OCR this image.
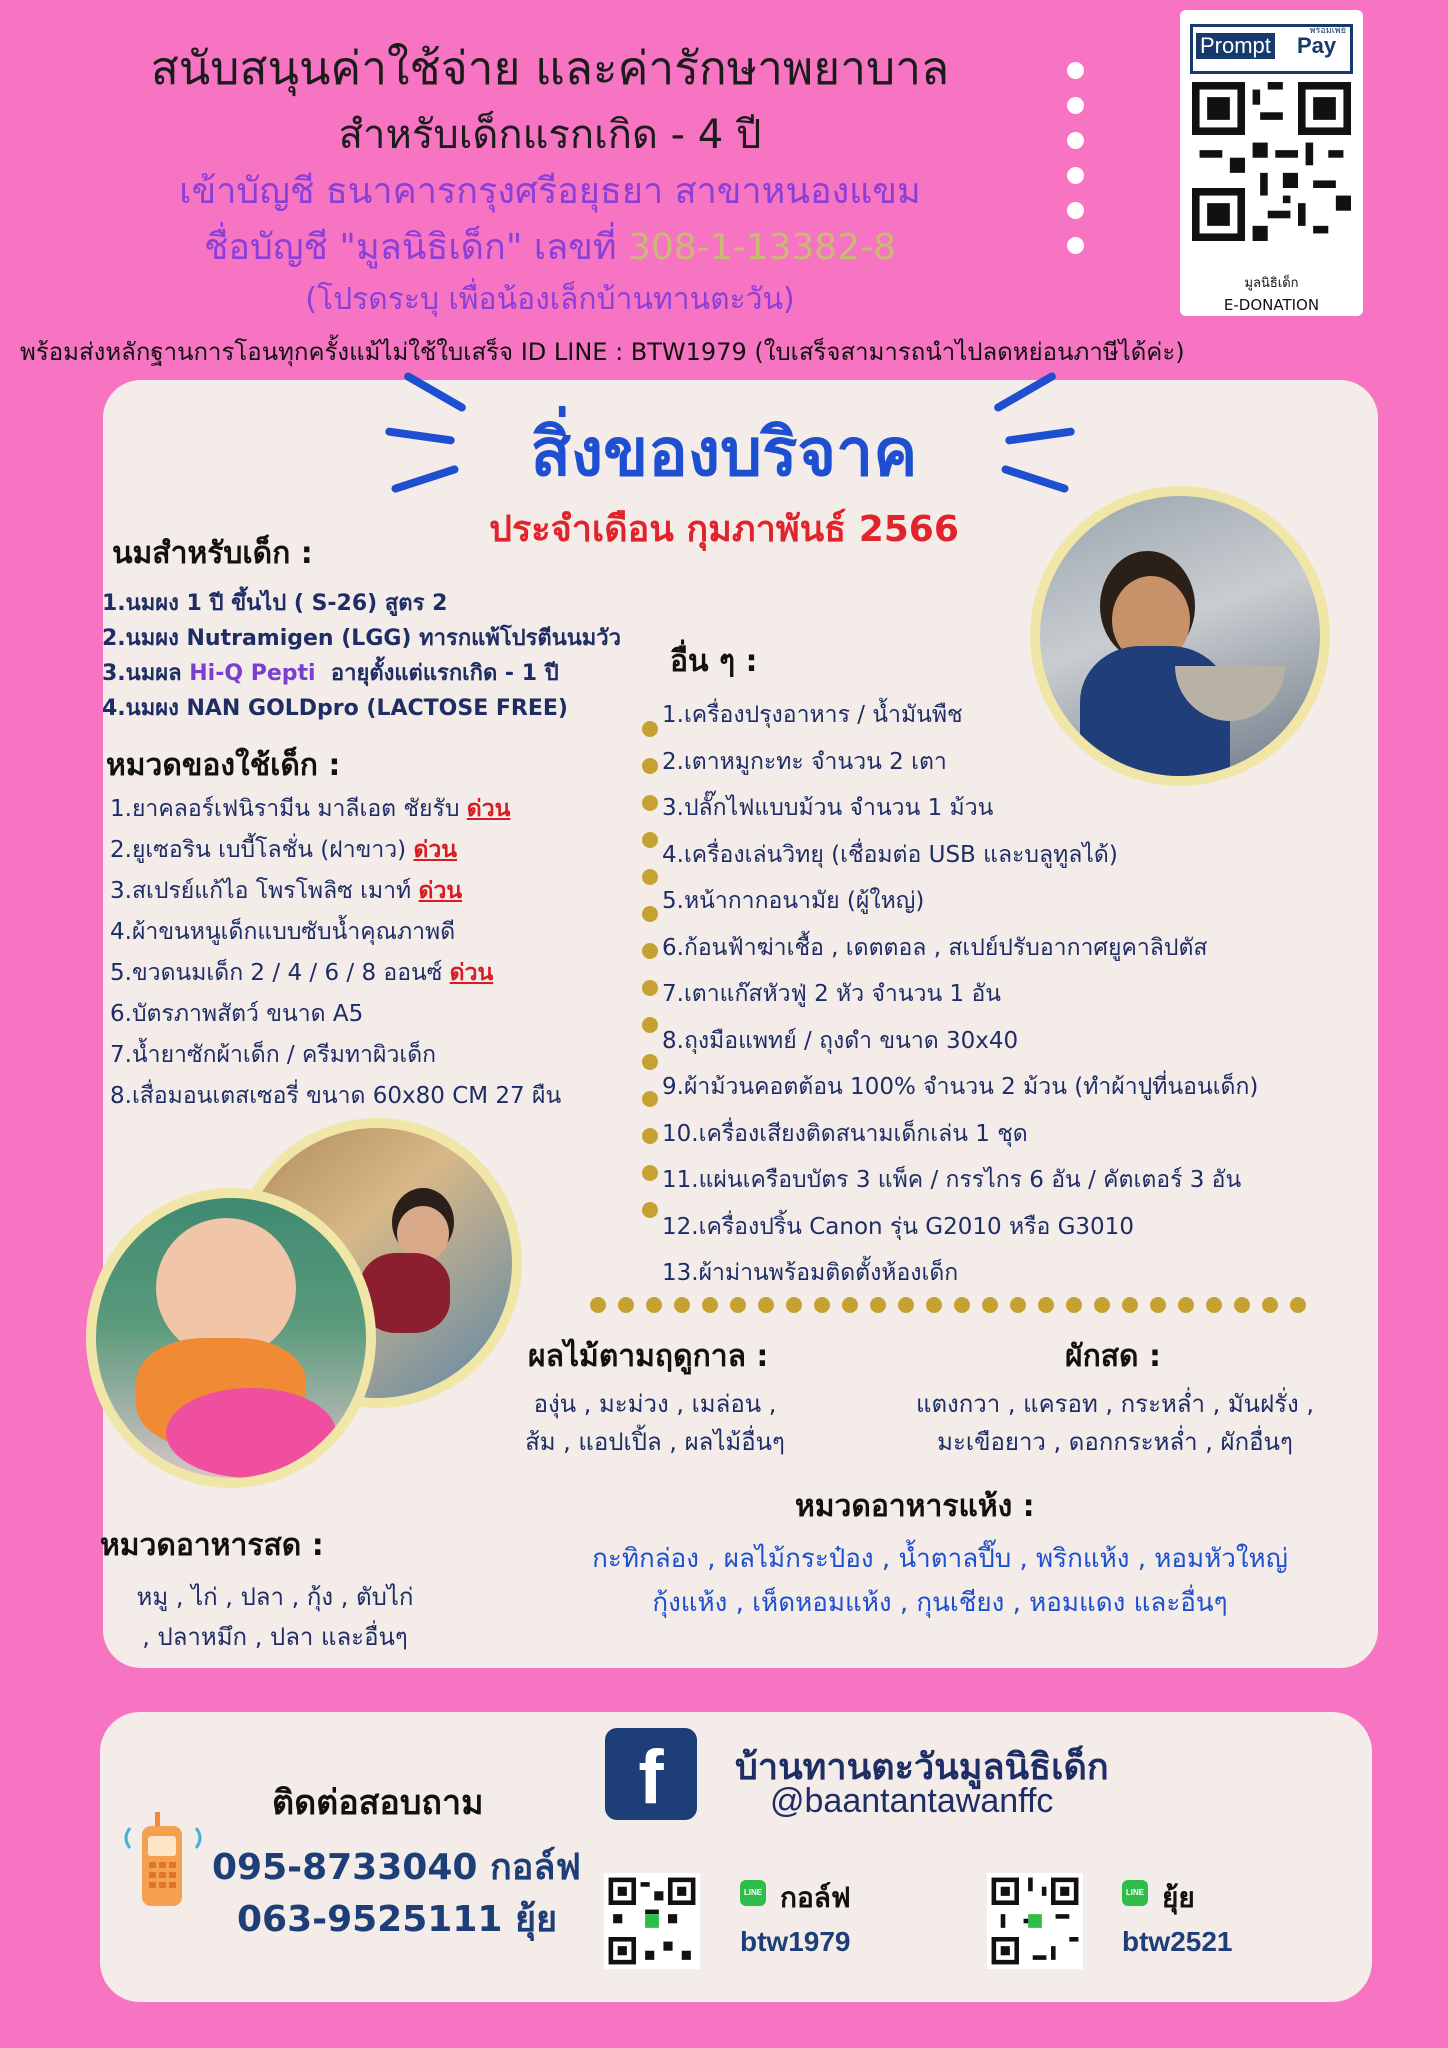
สนับสนุนค่าใช้จ่าย และค่ารักษาพยาบาล
สำหรับเด็กแรกเกิด - 4 ปี
เข้าบัญชี ธนาคารกรุงศรีอยุธยา สาขาหนองแขม
ชื่อบัญชี "มูลนิธิเด็ก" เลขที่ 308-1-13382-8
(โปรดระบุ เพื่อน้องเล็กบ้านทานตะวัน)
พร้อมส่งหลักฐานการโอนทุกครั้งแม้ไม่ใช้ใบเสร็จ ID LINE : BTW1979 (ใบเสร็จสามารถนำไปลดหย่อนภาษีได้ค่ะ)
พร้อมเพย์
Prompt Pay
มูลนิธิเด็ก
E-DONATION
สิ่งของบริจาค
ประจำเดือน กุมภาพันธ์ 2566
นมสำหรับเด็ก :
1.นมผง 1 ปี ขึ้นไป ( S-26) สูตร 2
2.นมผง Nutramigen (LGG) ทารกแพ้โปรตีนนมวัว
3.นมผล Hi-Q Pepti อายุตั้งแต่แรกเกิด - 1 ปี
4.นมผง NAN GOLDpro (LACTOSE FREE)
หมวดของใช้เด็ก :
1.ยาคลอร์เฟนิรามีน มาลีเอต ชัยรับ ด่วน
2.ยูเซอริน เบบี้โลชั่น (ฝาขาว) ด่วน
3.สเปรย์แก้ไอ โพรโพลิซ เมาท์ ด่วน
4.ผ้าขนหนูเด็กแบบซับน้ำคุณภาพดี
5.ขวดนมเด็ก 2 / 4 / 6 / 8 ออนซ์ ด่วน
6.บัตรภาพสัตว์ ขนาด A5
7.น้ำยาซักผ้าเด็ก / ครีมทาผิวเด็ก
8.เสื่อมอนเตสเซอรี่ ขนาด 60x80 CM 27 ผืน
อื่น ๆ :
1.เครื่องปรุงอาหาร / น้ำมันพืช
2.เตาหมูกะทะ จำนวน 2 เตา
3.ปลั๊กไฟแบบม้วน จำนวน 1 ม้วน
4.เครื่องเล่นวิทยุ (เชื่อมต่อ USB และบลูทูลได้)
5.หน้ากากอนามัย (ผู้ใหญ่)
6.ก้อนฟ้าฆ่าเชื้อ , เดตตอล , สเปย์ปรับอากาศยูคาลิปตัส
7.เตาแก๊สหัวฟู่ 2 หัว จำนวน 1 อัน
8.ถุงมือแพทย์ / ถุงดำ ขนาด 30x40
9.ผ้าม้วนคอตต้อน 100% จำนวน 2 ม้วน (ทำผ้าปูที่นอนเด็ก)
10.เครื่องเสียงติดสนามเด็กเล่น 1 ชุด
11.แผ่นเครือบบัตร 3 แพ็ค / กรรไกร 6 อัน / คัตเตอร์ 3 อัน
12.เครื่องปริ้น Canon รุ่น G2010 หรือ G3010
13.ผ้าม่านพร้อมติดตั้งห้องเด็ก
ผลไม้ตามฤดูกาล :
องุ่น , มะม่วง , เมล่อน ,
ส้ม , แอปเปิ้ล , ผลไม้อื่นๆ
ผักสด :
แตงกวา , แครอท , กระหล่ำ , มันฝรั่ง ,
มะเขือยาว , ดอกกระหล่ำ , ผักอื่นๆ
หมวดอาหารแห้ง :
กะทิกล่อง , ผลไม้กระป๋อง , น้ำตาลปี๊บ , พริกแห้ง , หอมหัวใหญ่
กุ้งแห้ง , เห็ดหอมแห้ง , กุนเชียง , หอมแดง และอื่นๆ
หมวดอาหารสด :
หมู , ไก่ , ปลา , กุ้ง , ตับไก่
, ปลาหมึก , ปลา และอื่นๆ
f	บ้านทานตะวันมูลนิธิเด็ก
@baantantawanffc
ติดต่อสอบถาม
095-8733040 กอล์ฟ
063-9525111 ยุ้ย
LINE กอล์ฟ
btw1979
LINE ยุ้ย
btw2521
